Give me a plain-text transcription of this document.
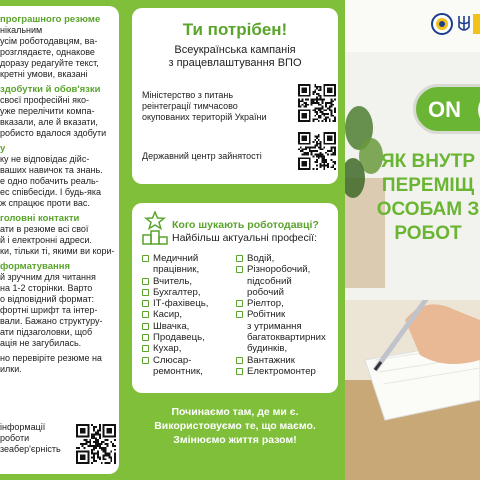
програшного резюме
нікальним
усім роботодавцям, ва-
розглядаєте, однакове
доразу редагуйте текст,
кретні умови, вказані
здобутки й обов'язки
своєї професійні яко-
уже перелічити компа-
вказали, але й вказати,
робисто вдалося здобути
у
ку не відповідає дійс-
ваших навичок та знань.
е одно побачить реаль-
ес співбесіди. І будь-яка
ж спрацює проти вас.
головні контакти
ати в резюме всі свої
й і електронні адреси.
ки, тільки ті, якими ви кори-
форматування
й зручним для читання
на 1-2 сторінки. Варто
о відповідний формат:
фортні шрифт та інтер-
вали. Бажано структуру-
ати підзаголовки, щоб
ація не загубилась.
но перевіріте резюме на
илки.
інформації
роботи
зеабер'єрність
Ти потрібен!
Всеукраїнська кампанія
з працевлаштування ВПО
Міністерство з питань
реінтеграції тимчасово
окупованих територій України
Державний центр зайнятості
Кого шукають роботодавці?
Найбільш актуальні професії:
Медичний
працівник,
Вчитель,
Бухгалтер,
ІТ-фахівець,
Касир,
Швачка,
Продавець,
Кухар,
Слюсар-
ремонтник,
Водій,
Різноробочий,
підсобний
робочий
Ріелтор,
Робітник
з утримання
багатоквартирних
будинків,
Вантажник
Електромонтер
Починаємо там, де ми є.
Використовуємо те, що маємо.
Змінюємо життя разом!
ON
ЯК ВНУТР
ПЕРЕМІЩ
ОСОБАМ З
РОБОТ
